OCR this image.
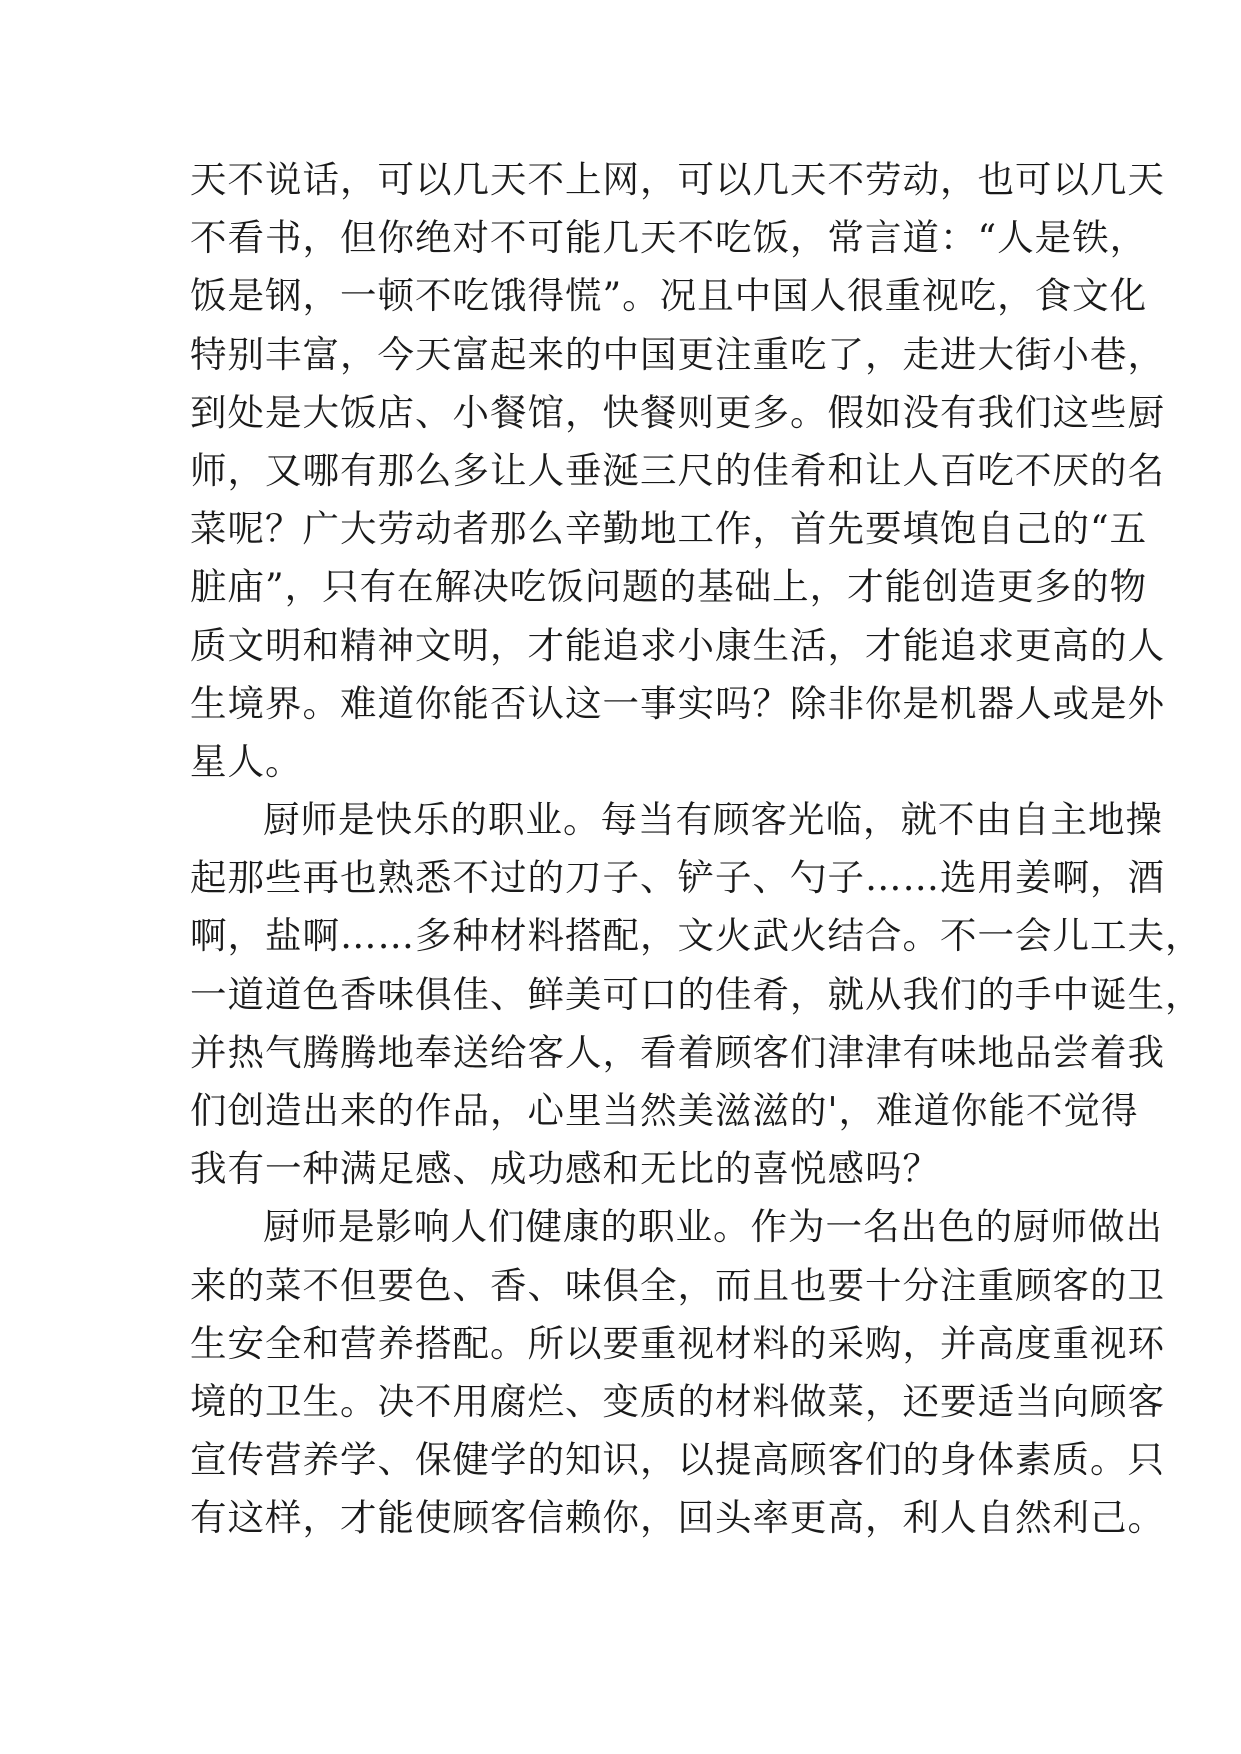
天不说话，可以几天不上网，可以几天不劳动，也可以几天
不看书，但你绝对不可能几天不吃饭，常言道：“人是铁，
饭是钢，一顿不吃饿得慌”。况且中国人很重视吃，食文化
特别丰富，今天富起来的中国更注重吃了，走进大街小巷，
到处是大饭店、小餐馆，快餐则更多。假如没有我们这些厨
师，又哪有那么多让人垂涎三尺的佳肴和让人百吃不厌的名
菜呢？广大劳动者那么辛勤地工作，首先要填饱自己的“五
脏庙”，只有在解决吃饭问题的基础上，才能创造更多的物
质文明和精神文明，才能追求小康生活，才能追求更高的人
生境界。难道你能否认这一事实吗？除非你是机器人或是外
星人。
厨师是快乐的职业。每当有顾客光临，就不由自主地操
起那些再也熟悉不过的刀子、铲子、勺子……选用姜啊，酒
啊，盐啊……多种材料搭配，文火武火结合。不一会儿工夫，
一道道色香味俱佳、鲜美可口的佳肴，就从我们的手中诞生，
并热气腾腾地奉送给客人，看着顾客们津津有味地品尝着我
们创造出来的作品，心里当然美滋滋的'，难道你能不觉得
我有一种满足感、成功感和无比的喜悦感吗？
厨师是影响人们健康的职业。作为一名出色的厨师做出
来的菜不但要色、香、味俱全，而且也要十分注重顾客的卫
生安全和营养搭配。所以要重视材料的采购，并高度重视环
境的卫生。决不用腐烂、变质的材料做菜，还要适当向顾客
宣传营养学、保健学的知识，以提高顾客们的身体素质。只
有这样，才能使顾客信赖你，回头率更高，利人自然利己。
